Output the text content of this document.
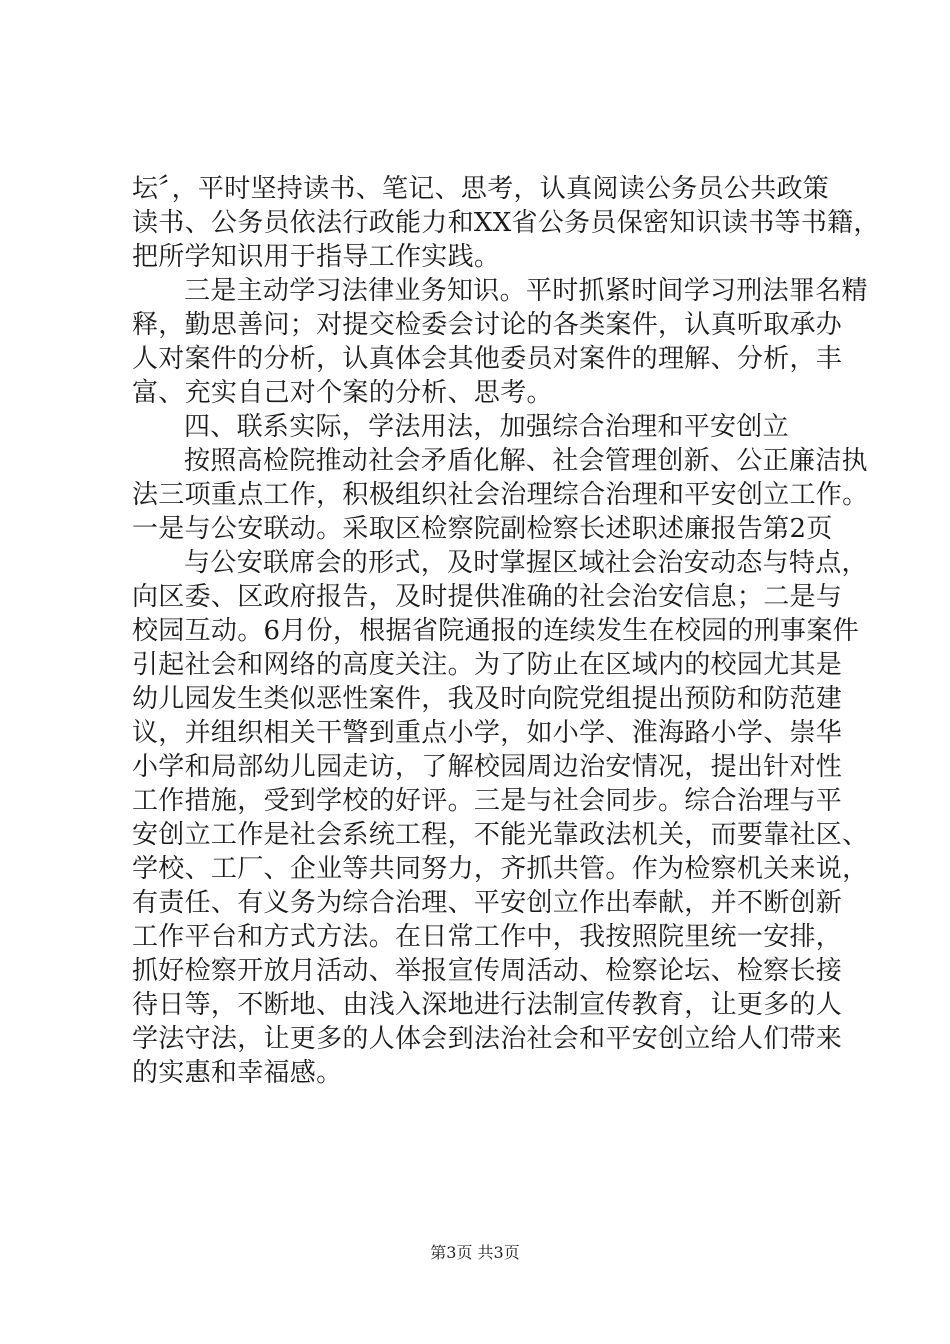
坛〞，平时坚持读书、笔记、思考，认真阅读公务员公共政策
读书、公务员依法行政能力和XX省公务员保密知识读书等书籍，
把所学知识用于指导工作实践。
三是主动学习法律业务知识。平时抓紧时间学习刑法罪名精
释，勤思善问；对提交检委会讨论的各类案件，认真听取承办
人对案件的分析，认真体会其他委员对案件的理解、分析，丰
富、充实自己对个案的分析、思考。
四、联系实际，学法用法，加强综合治理和平安创立
按照高检院推动社会矛盾化解、社会管理创新、公正廉洁执
法三项重点工作，积极组织社会治理综合治理和平安创立工作。
一是与公安联动。采取区检察院副检察长述职述廉报告第2页
与公安联席会的形式，及时掌握区域社会治安动态与特点，
向区委、区政府报告，及时提供准确的社会治安信息；二是与
校园互动。6月份，根据省院通报的连续发生在校园的刑事案件
引起社会和网络的高度关注。为了防止在区域内的校园尤其是
幼儿园发生类似恶性案件，我及时向院党组提出预防和防范建
议，并组织相关干警到重点小学，如小学、淮海路小学、崇华
小学和局部幼儿园走访，了解校园周边治安情况，提出针对性
工作措施，受到学校的好评。三是与社会同步。综合治理与平
安创立工作是社会系统工程，不能光靠政法机关，而要靠社区、
学校、工厂、企业等共同努力，齐抓共管。作为检察机关来说，
有责任、有义务为综合治理、平安创立作出奉献，并不断创新
工作平台和方式方法。在日常工作中，我按照院里统一安排，
抓好检察开放月活动、举报宣传周活动、检察论坛、检察长接
待日等，不断地、由浅入深地进行法制宣传教育，让更多的人
学法守法，让更多的人体会到法治社会和平安创立给人们带来
的实惠和幸福感。
第3页 共3页
